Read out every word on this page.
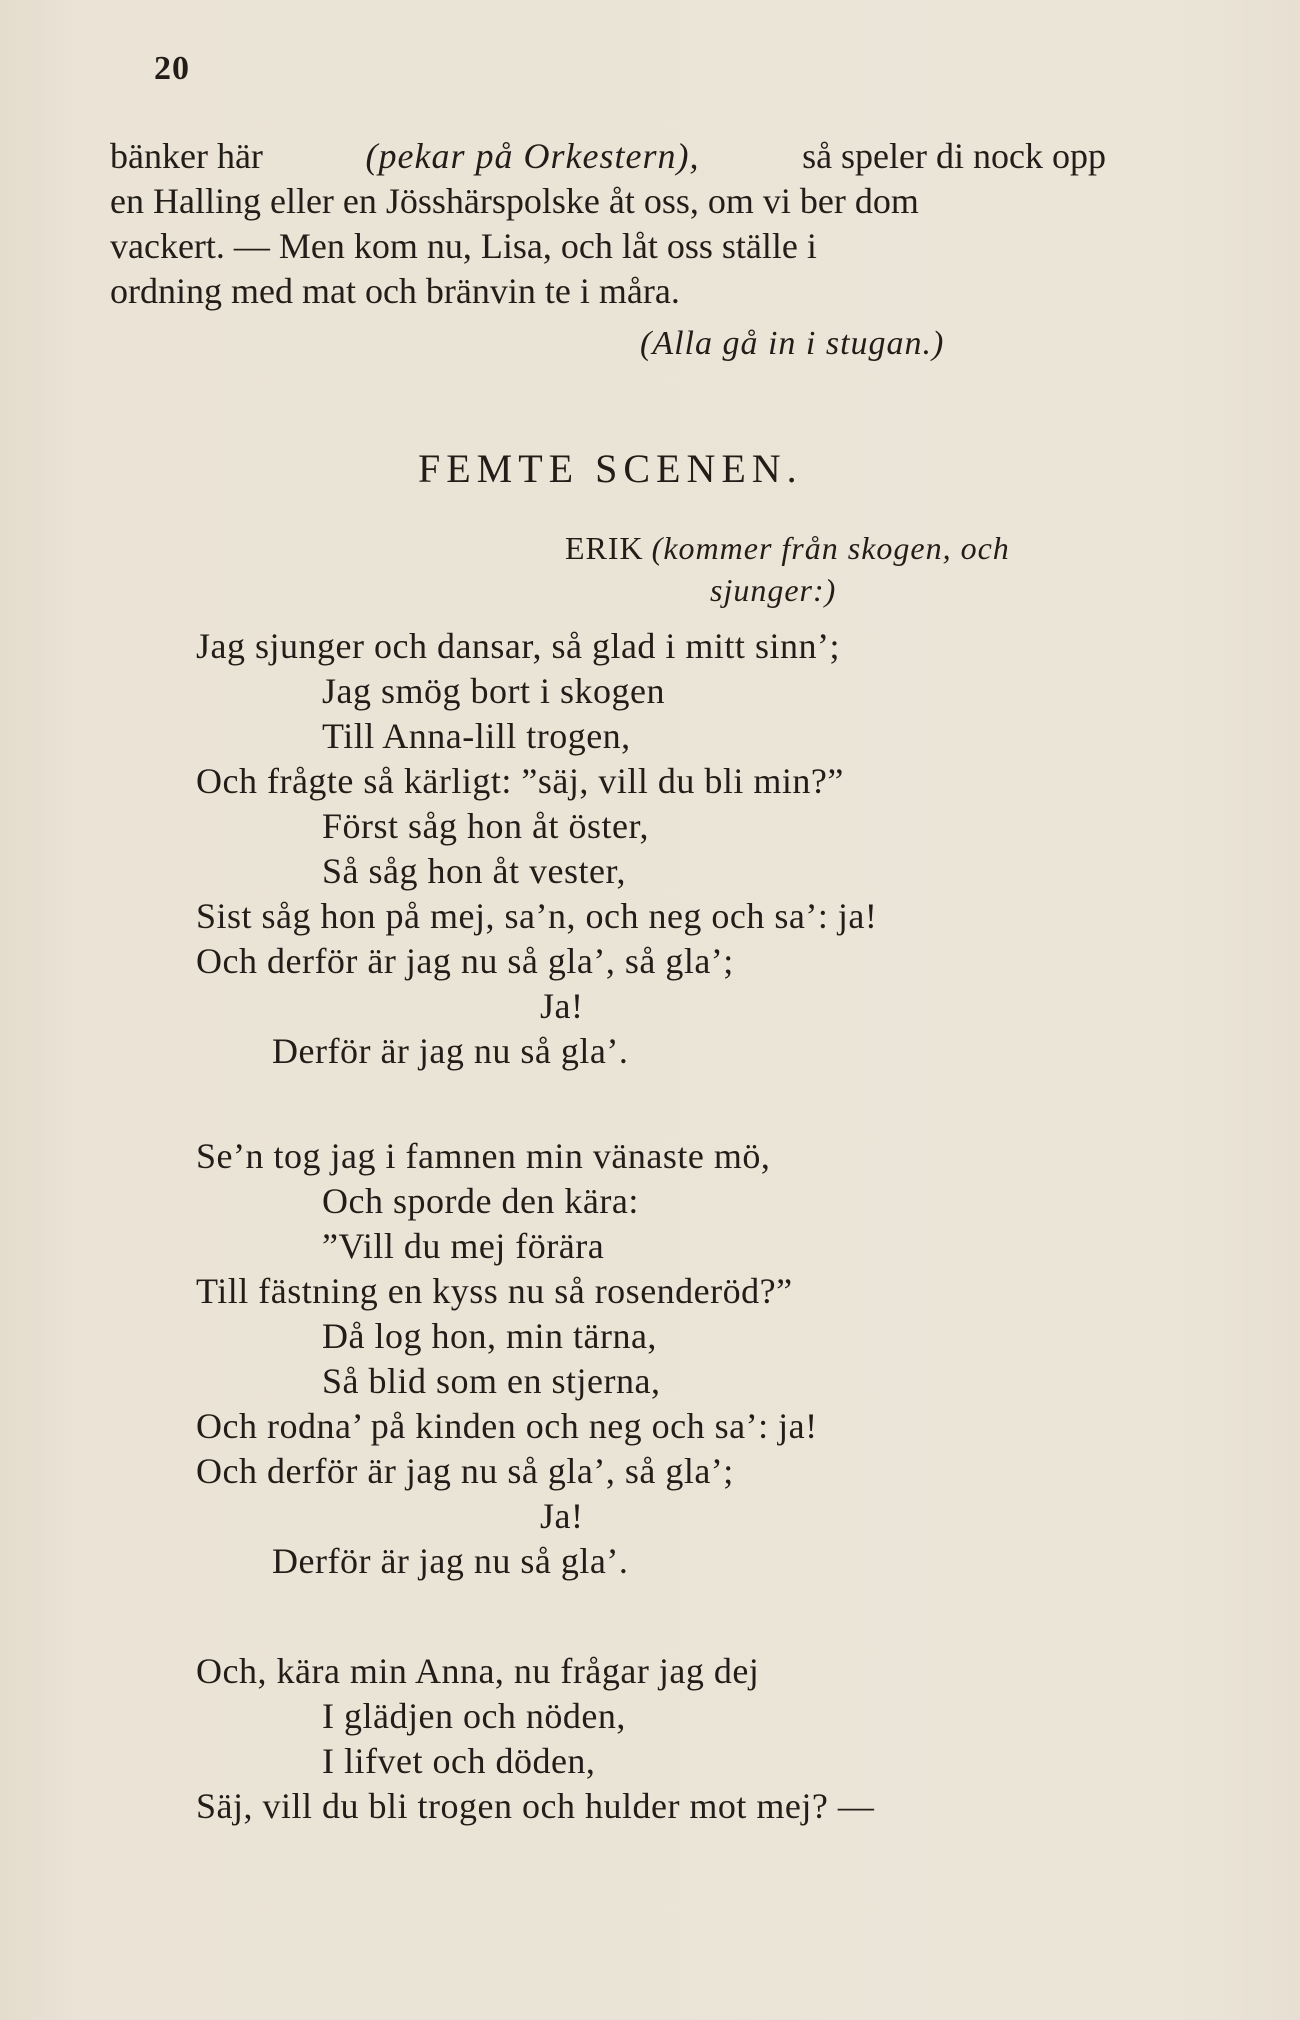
20
bänker här	(pekar på Orkestern),	så speler di nock opp
en Halling eller en Jösshärspolske åt oss, om vi ber dom
vackert. — Men kom nu, Lisa, och låt oss ställe i
ordning med mat och bränvin te i måra.
(Alla gå in i stugan.)
FEMTE SCENEN.
ERIK (kommer från skogen, och
sjunger:)
Jag sjunger och dansar, så glad i mitt sinn’;
Jag smög bort i skogen
Till Anna-lill trogen,
Och frågte så kärligt: ”säj, vill du bli min?”
Först såg hon åt öster,
Så såg hon åt vester,
Sist såg hon på mej, sa’n, och neg och sa’: ja!
Och derför är jag nu så gla’, så gla’;
Ja!
Derför är jag nu så gla’.
Se’n tog jag i famnen min vänaste mö,
Och sporde den kära:
”Vill du mej förära
Till fästning en kyss nu så rosenderöd?”
Då log hon, min tärna,
Så blid som en stjerna,
Och rodna’ på kinden och neg och sa’: ja!
Och derför är jag nu så gla’, så gla’;
Ja!
Derför är jag nu så gla’.
Och, kära min Anna, nu frågar jag dej
I glädjen och nöden,
I lifvet och döden,
Säj, vill du bli trogen och hulder mot mej? —
